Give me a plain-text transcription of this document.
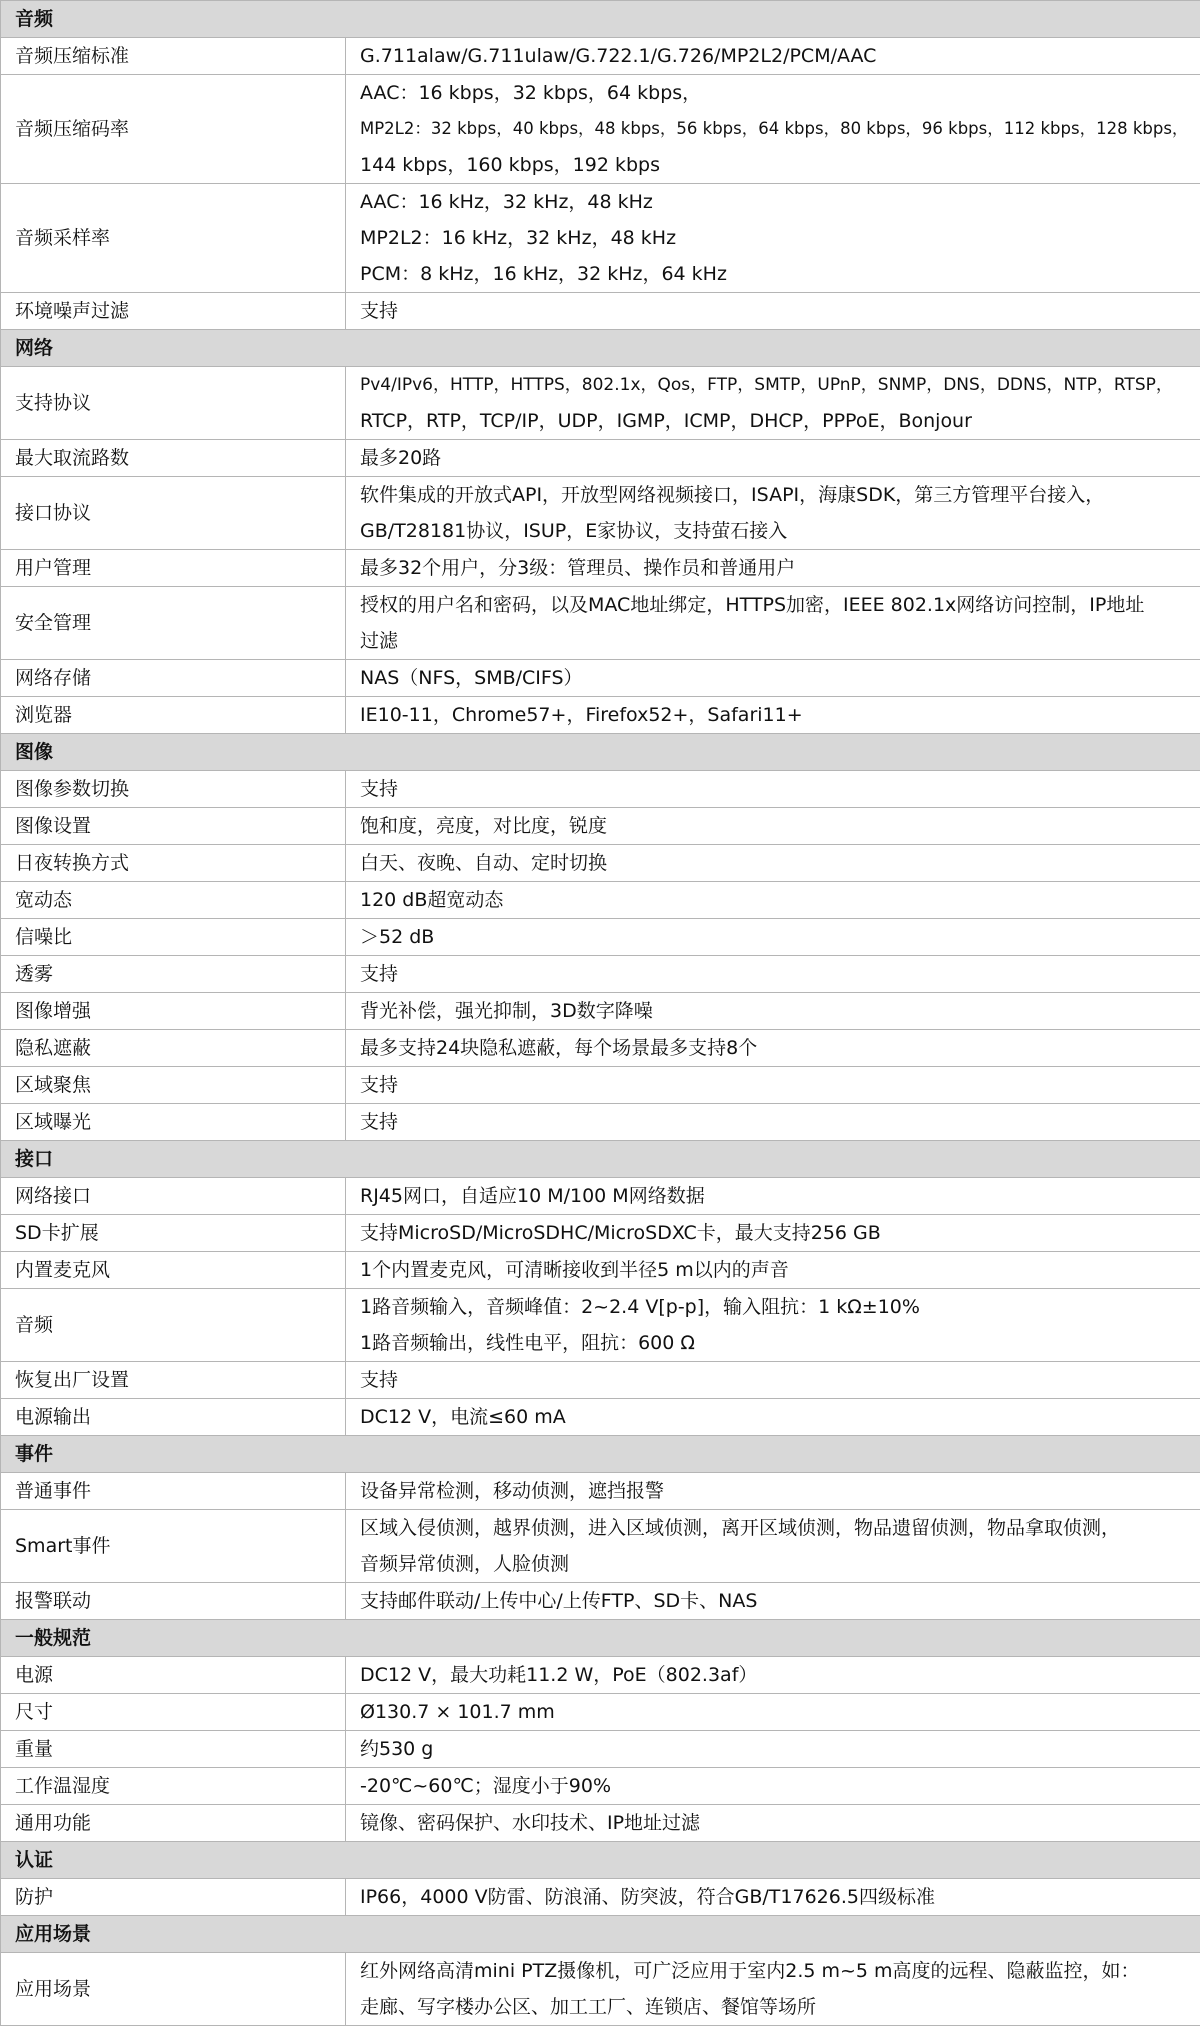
音频	
音频压缩标准	G.711alaw/G.711ulaw/G.722.1/G.726/MP2L2/PCM/AAC

音频压缩码率	AAC：16 kbps，32 kbps，64 kbps，
MP2L2：32 kbps，40 kbps，48 kbps，56 kbps，64 kbps，80 kbps，96 kbps，112 kbps，128 kbps，
144 kbps，160 kbps，192 kbps

音频采样率	AAC：16 kHz，32 kHz，48 kHz
MP2L2：16 kHz，32 kHz，48 kHz
PCM：8 kHz，16 kHz，32 kHz，64 kHz

环境噪声过滤	支持

网络	
支持协议	Pv4/IPv6，HTTP，HTTPS，802.1x，Qos，FTP，SMTP，UPnP，SNMP，DNS，DDNS，NTP，RTSP，
RTCP，RTP，TCP/IP，UDP，IGMP，ICMP，DHCP，PPPoE，Bonjour

最大取流路数	最多20路

接口协议	软件集成的开放式API，开放型网络视频接口，ISAPI，海康SDK，第三方管理平台接入，
GB/T28181协议，ISUP，E家协议，支持萤石接入

用户管理	最多32个用户，分3级：管理员、操作员和普通用户

安全管理	授权的用户名和密码，以及MAC地址绑定，HTTPS加密，IEEE 802.1x网络访问控制，IP地址
过滤

网络存储	NAS（NFS，SMB/CIFS）

浏览器	IE10-11，Chrome57+，Firefox52+，Safari11+

图像	
图像参数切换	支持

图像设置	饱和度，亮度，对比度，锐度

日夜转换方式	白天、夜晚、自动、定时切换

宽动态	120 dB超宽动态

信噪比	＞52 dB

透雾	支持

图像增强	背光补偿，强光抑制，3D数字降噪

隐私遮蔽	最多支持24块隐私遮蔽，每个场景最多支持8个

区域聚焦	支持

区域曝光	支持

接口	
网络接口	RJ45网口，自适应10 M/100 M网络数据

SD卡扩展	支持MicroSD/MicroSDHC/MicroSDXC卡，最大支持256 GB

内置麦克风	1个内置麦克风，可清晰接收到半径5 m以内的声音

音频	1路音频输入，音频峰值：2~2.4 V[p-p]，输入阻抗：1 kΩ±10%
1路音频输出，线性电平，阻抗：600 Ω

恢复出厂设置	支持

电源输出	DC12 V，电流≤60 mA

事件	
普通事件	设备异常检测，移动侦测，遮挡报警

Smart事件	区域入侵侦测，越界侦测，进入区域侦测，离开区域侦测，物品遗留侦测，物品拿取侦测，
音频异常侦测，人脸侦测

报警联动	支持邮件联动/上传中心/上传FTP、SD卡、NAS

一般规范	
电源	DC12 V，最大功耗11.2 W，PoE（802.3af）

尺寸	Ø130.7 × 101.7 mm

重量	约530 g

工作温湿度	-20℃~60℃；湿度小于90%

通用功能	镜像、密码保护、水印技术、IP地址过滤

认证	
防护	IP66，4000 V防雷、防浪涌、防突波，符合GB/T17626.5四级标准

应用场景	
应用场景	红外网络高清mini PTZ摄像机，可广泛应用于室内2.5 m~5 m高度的远程、隐蔽监控，如：
走廊、写字楼办公区、加工工厂、连锁店、餐馆等场所
